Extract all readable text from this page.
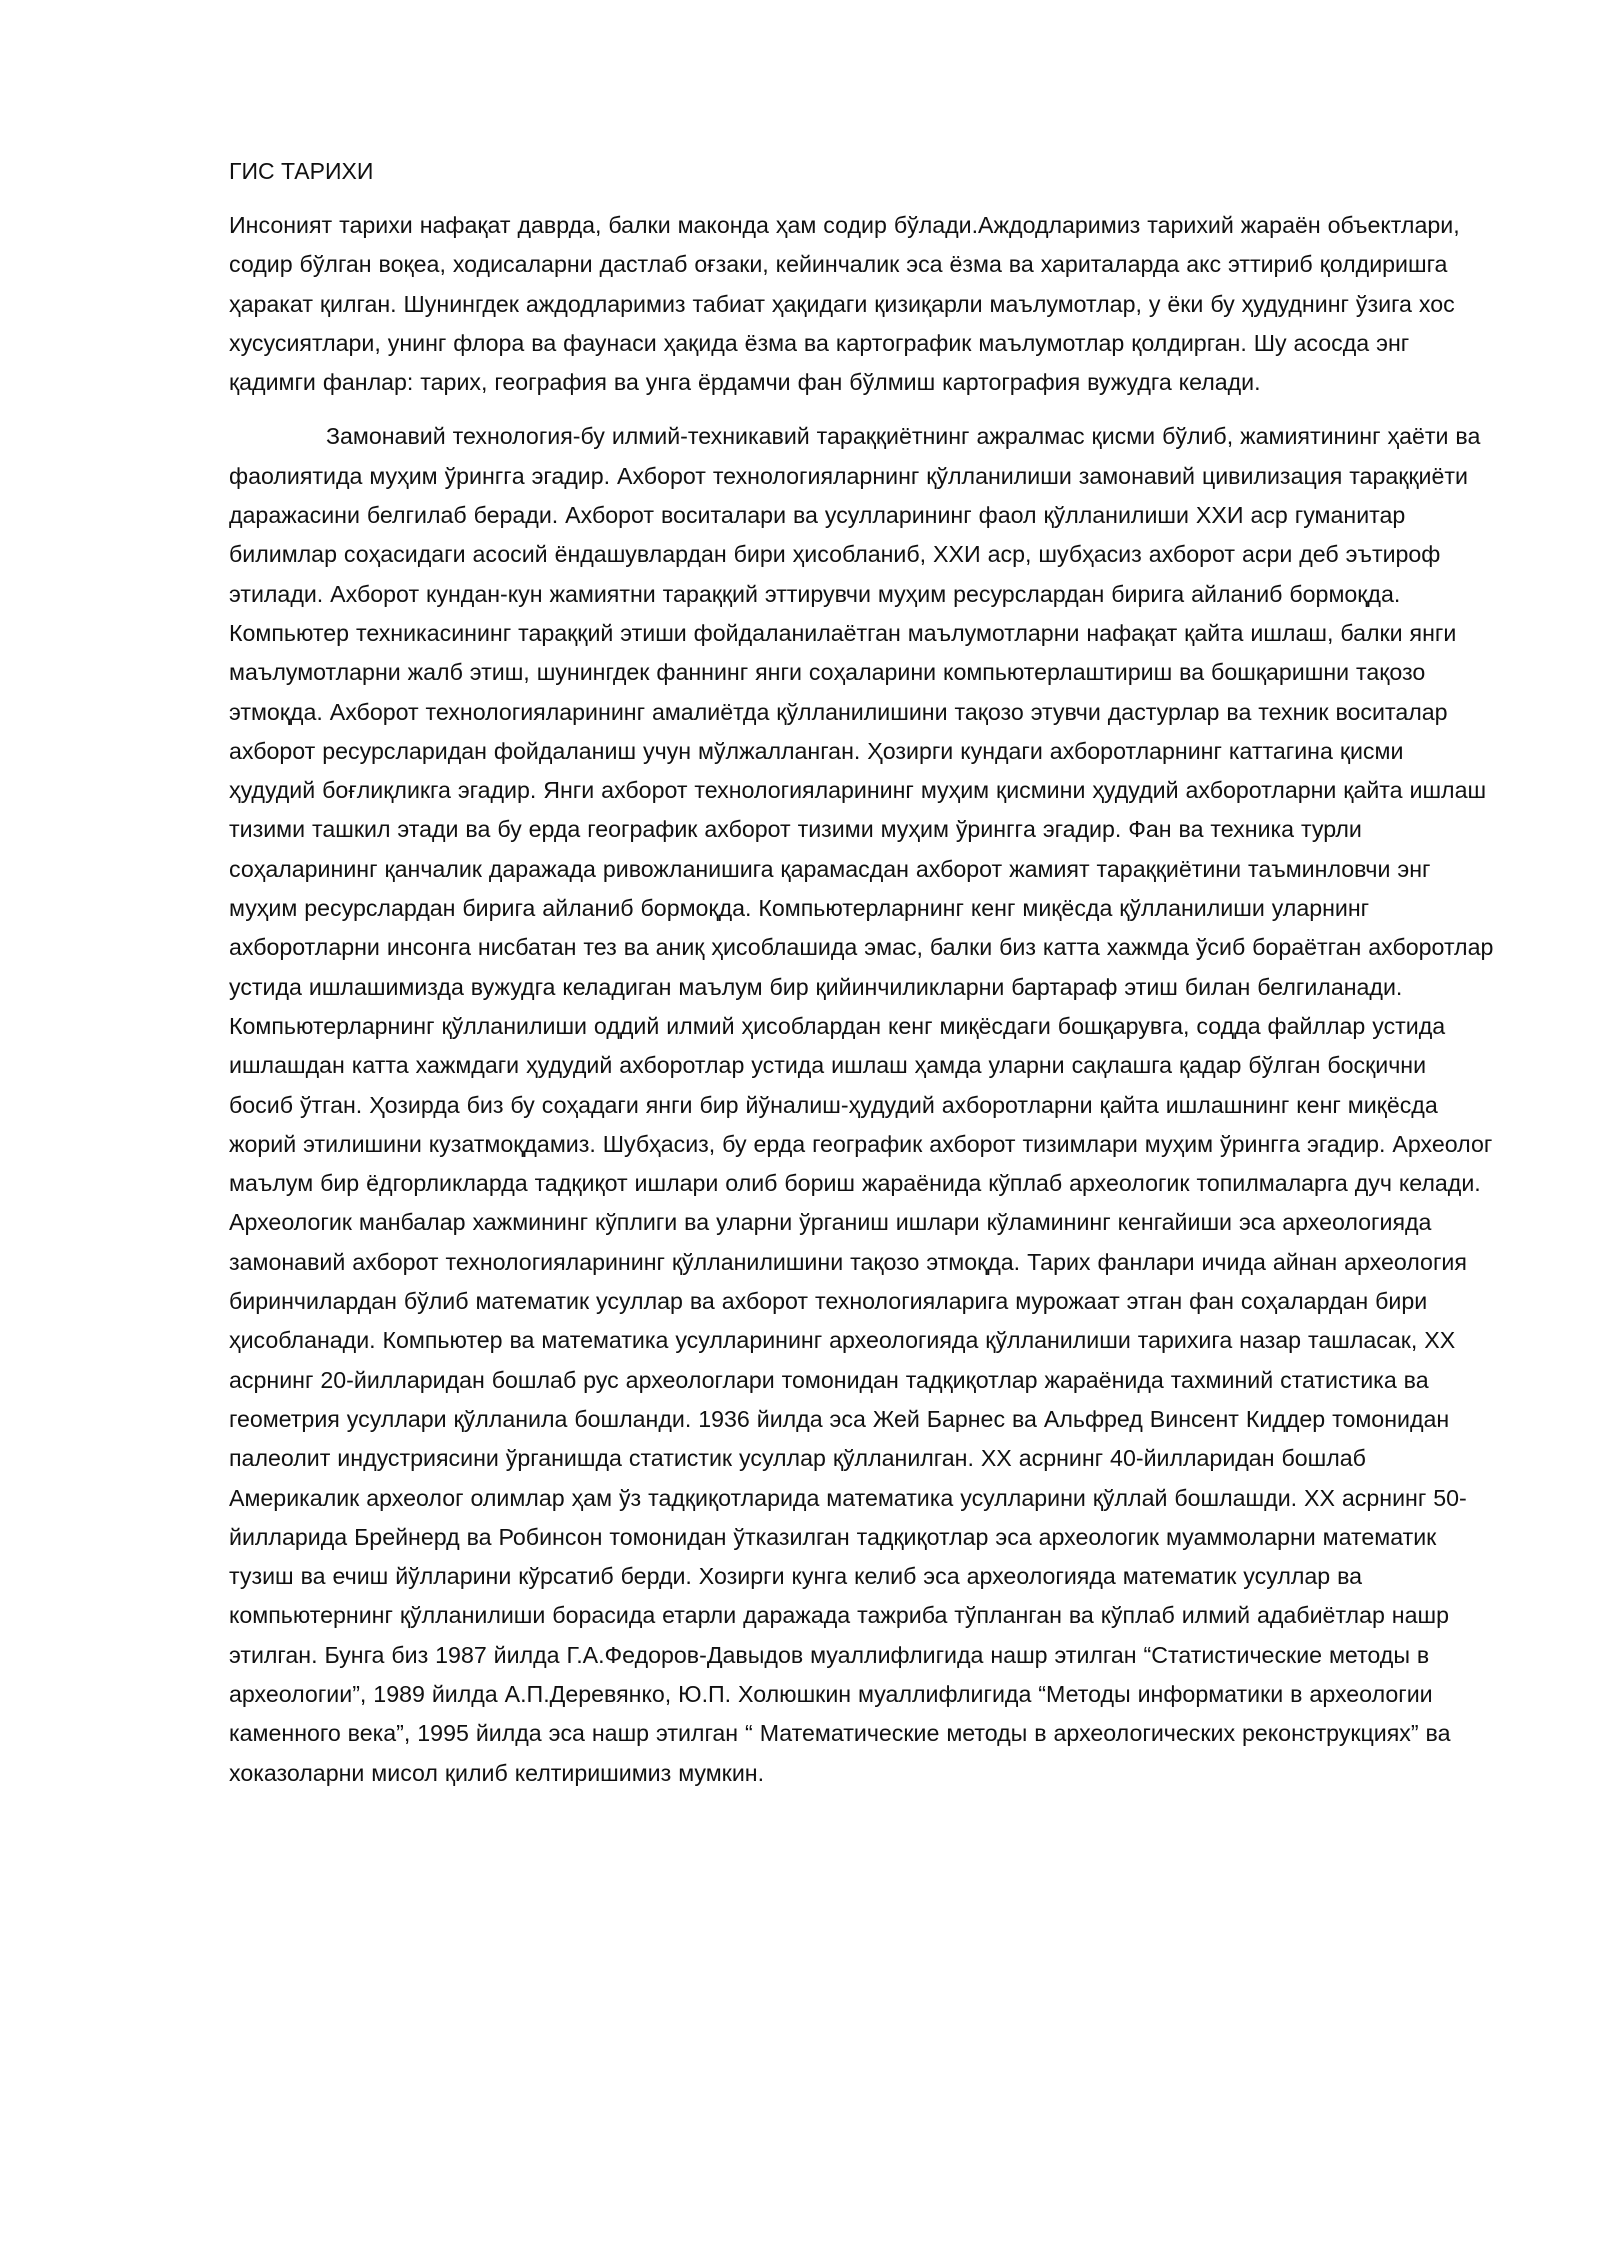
ГИС ТАРИХИ

Инсоният тарихи нафақат даврда, балки маконда ҳам содир бўлади.Аждодларимиз тарихий жараён объектлари, содир бўлган воқеа, ходисаларни дастлаб оғзаки, кейинчалик эса ёзма ва хариталарда акс эттириб қолдиришга ҳаракат қилган. Шунингдек аждодларимиз табиат ҳақидаги қизиқарли маълумотлар, у ёки бу ҳудуднинг ўзига хос хусусиятлари, унинг флора ва фаунаси ҳақида ёзма ва картографик маълумотлар қолдирган. Шу асосда энг қадимги фанлар: тарих, география ва унга ёрдамчи фан бўлмиш картография вужудга келади.

Замонавий технология-бу илмий-техникавий тараққиётнинг ажралмас қисми бўлиб, жамиятининг ҳаёти ва фаолиятида муҳим ўринггa эгадир. Ахборот технологияларнинг қўлланилиши замонавий цивилизация тараққиёти даражасини белгилаб беради. Ахборот воситалари ва усулларининг фаол қўлланилиши XXИ аср гуманитар билимлар соҳасидаги асосий ёндашувлардан бири ҳисобланиб, XXИ аср, шубҳасиз ахборот асри деб эътироф этилади. Ахборот кундан-кун жамиятни тараққий эттирувчи муҳим ресурслардан бирига айланиб бормоқда. Компьютер техникасининг тараққий этиши фойдаланилаётган маълумотларни нафақат қайта ишлаш, балки янги маълумотларни жалб этиш, шунингдек фаннинг янги соҳаларини компьютерлаштириш ва бошқаришни тақозо этмоқда. Ахборот технологияларининг амалиётда қўлланилишини тақозо этувчи дастурлар ва техник воситалар ахборот ресурсларидан фойдаланиш учун мўлжалланган. Ҳозирги кундаги ахборотларнинг каттагина қисми ҳудудий боғлиқликга эгадир. Янги ахборот технологияларининг муҳим қисмини ҳудудий ахборотларни қайта ишлаш тизими ташкил этади ва бу ерда географик ахборот тизими муҳим ўринггa эгадир. Фан ва техника турли соҳаларининг қанчалик даражада ривожланишига қарамасдан ахборот жамият тараққиётини таъминловчи энг муҳим ресурслардан бирига айланиб бормоқда. Компьютерларнинг кенг миқёсда қўлланилиши уларнинг ахборотларни инсонга нисбатан тез ва аниқ ҳисоблашида эмас, балки биз катта хажмда ўсиб бораётган ахборотлар устида ишлашимизда вужудга келадиган маълум бир қийинчиликларни бартараф этиш билан белгиланади. Компьютерларнинг қўлланилиши оддий илмий ҳисоблардан кенг миқёсдаги бошқарувга, содда файллар устида ишлашдан катта хажмдаги ҳудудий ахборотлар устида ишлаш ҳамда уларни сақлашга қадар бўлган босқични босиб ўтган. Ҳозирда биз бу соҳадаги янги бир йўналиш-ҳудудий ахборотларни қайта ишлашнинг кенг миқёсда жорий этилишини кузатмоқдамиз. Шубҳасиз, бу ерда географик ахборот тизимлари муҳим ўринггa эгадир. Археолог маълум бир ёдгорликларда тадқиқот ишлари олиб бориш жараёнида кўплаб археологик топилмаларга дуч келади. Археологик манбалар хажмининг кўплиги ва уларни ўрганиш ишлари кўламининг кенгайиши эса археологияда замонавий ахборот технологияларининг қўлланилишини тақозо этмоқда. Тарих фанлари ичида айнан археология биринчилардан бўлиб математик усуллар ва ахборот технологияларига мурожаат этган фан соҳалардан бири ҳисобланади. Компьютер ва математика усулларининг археологияда қўлланилиши тарихига назар ташласак, XX асрнинг 20-йилларидан бошлаб рус археологлари томонидан тадқиқотлар жараёнида тахминий статистика ва геометрия усуллари қўлланила бошланди. 1936 йилда эса Жей Барнес ва Альфред Винсент Киддер томонидан палеолит индустриясини ўрганишда статистик усуллар қўлланилган. XX асрнинг 40-йилларидан бошлаб Америкалик археолог олимлар ҳам ўз тадқиқотларида математика усулларини қўллай бошлашди. XX асрнинг 50-йилларида Брейнерд ва Робинсон томонидан ўтказилган тадқиқотлар эса археологик муаммоларни математик тузиш ва ечиш йўлларини кўрсатиб берди. Хозирги кунга келиб эса археологияда математик усуллар ва компьютернинг қўлланилиши борасида етарли даражада тажриба тўпланган ва кўплаб илмий адабиётлар нашр этилган. Бунга биз 1987 йилда Г.А.Федоров-Давыдов муаллифлигида нашр этилган “Статистические методы в археологии”, 1989 йилда А.П.Деревянко, Ю.П. Холюшкин муаллифлигида “Методы информатики в археологии каменного века”, 1995 йилда эса нашр этилган “ Математические методы в археологических реконструкциях” ва хоказоларни мисол қилиб келтиришимиз мумкин.
